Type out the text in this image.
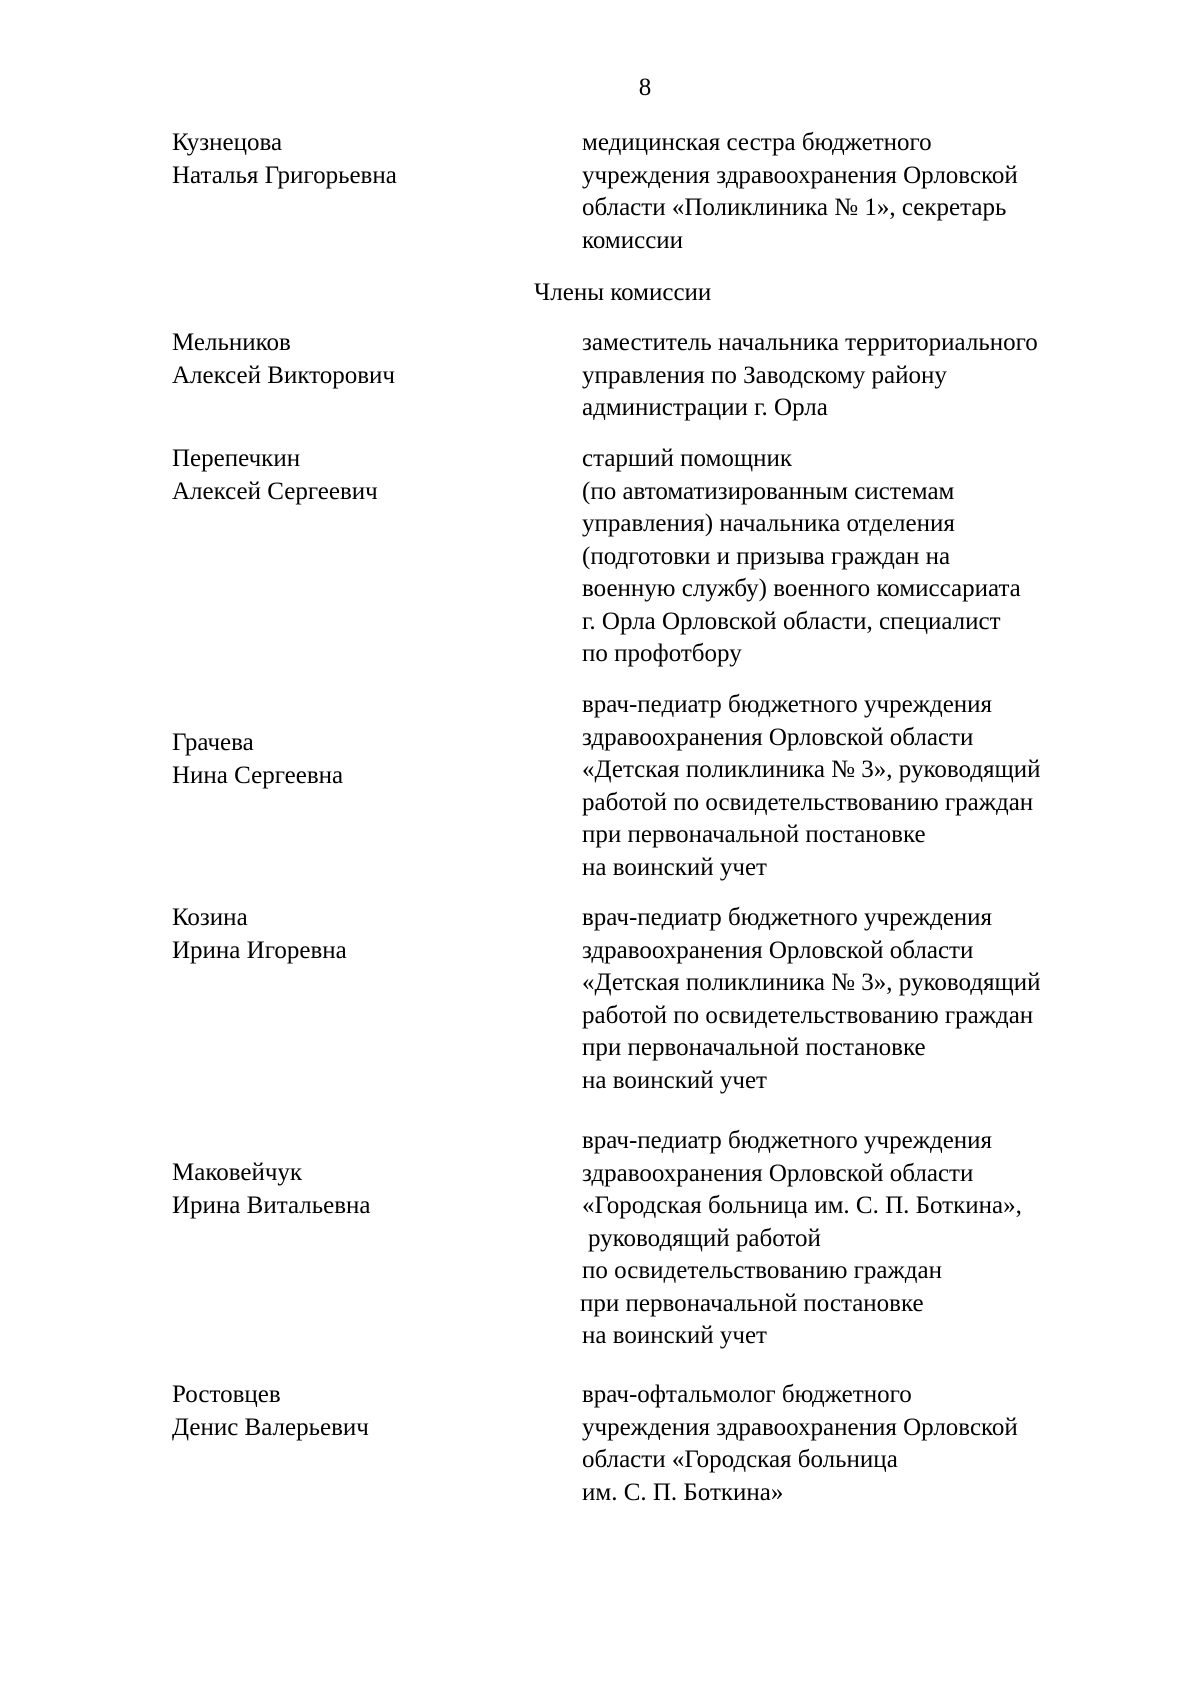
8
Кузнецова
Наталья Григорьевна
медицинская сестра бюджетного
учреждения здравоохранения Орловской
области «Поликлиника № 1», секретарь
комиссии
Члены комиссии
Мельников
Алексей Викторович
заместитель начальника территориального
управления по Заводскому району
администрации г. Орла
Перепечкин
Алексей Сергеевич
старший помощник
(по автоматизированным системам
управления) начальника отделения
(подготовки и призыва граждан на
военную службу) военного комиссариата
г. Орла Орловской области, специалист
по профотбору
Грачева
Нина Сергеевна
врач-педиатр бюджетного учреждения
здравоохранения Орловской области
«Детская поликлиника № 3», руководящий
работой по освидетельствованию граждан
при первоначальной постановке
на воинский учет
Козина
Ирина Игоревна
врач-педиатр бюджетного учреждения
здравоохранения Орловской области
«Детская поликлиника № 3», руководящий
работой по освидетельствованию граждан
при первоначальной постановке
на воинский учет
Маковейчук
Ирина Витальевна
врач-педиатр бюджетного учреждения
здравоохранения Орловской области
«Городская больница им. С. П. Боткина»,
руководящий работой
по освидетельствованию граждан
при первоначальной постановке
на воинский учет
Ростовцев
Денис Валерьевич
врач-офтальмолог бюджетного
учреждения здравоохранения Орловской
области «Городская больница
им. С. П. Боткина»
